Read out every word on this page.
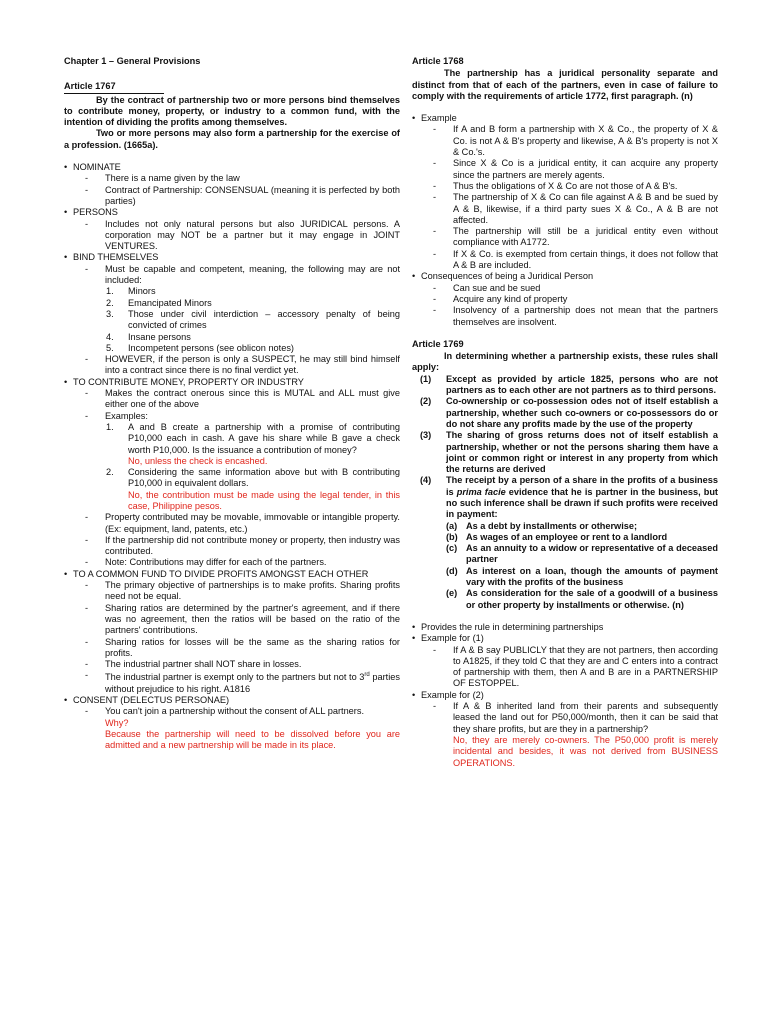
Chapter 1 – General Provisions

Article 1767

By the contract of partnership two or more persons bind themselves to contribute money, property, or industry to a common fund, with the intention of dividing the profits among themselves.

Two or more persons may also form a partnership for the exercise of a profession. (1665a).

• NOMINATE
- There is a name given by the law
- Contract of Partnership: CONSENSUAL (meaning it is perfected by both parties)
• PERSONS
- Includes not only natural persons but also JURIDICAL persons. A corporation may NOT be a partner but it may engage in JOINT VENTURES.
• BIND THEMSELVES
- Must be capable and competent, meaning, the following may are not included:
1. Minors
2. Emancipated Minors
3. Those under civil interdiction – accessory penalty of being convicted of crimes
4. Insane persons
5. Incompetent persons (see oblicon notes)
- HOWEVER, if the person is only a SUSPECT, he may still bind himself into a contract since there is no final verdict yet.
• TO CONTRIBUTE MONEY, PROPERTY OR INDUSTRY
- Makes the contract onerous since this is MUTAL and ALL must give either one of the above
- Examples:
1. A and B create a partnership with a promise of contributing P10,000 each in cash. A gave his share while B gave a check worth P10,000. Is the issuance a contribution of money?
No, unless the check is encashed.
2. Considering the same information above but with B contributing P10,000 in equivalent dollars.
No, the contribution must be made using the legal tender, in this case, Philippine pesos.
- Property contributed may be movable, immovable or intangible property. (Ex: equipment, land, patents, etc.)
- If the partnership did not contribute money or property, then industry was contributed.
- Note: Contributions may differ for each of the partners.
• TO A COMMON FUND TO DIVIDE PROFITS AMONGST EACH OTHER
- The primary objective of partnerships is to make profits. Sharing profits need not be equal.
- Sharing ratios are determined by the partner's agreement, and if there was no agreement, then the ratios will be based on the ratio of the partners' contributions.
- Sharing ratios for losses will be the same as the sharing ratios for profits.
- The industrial partner shall NOT share in losses.
- The industrial partner is exempt only to the partners but not to 3rd parties without prejudice to his right. A1816
• CONSENT (DELECTUS PERSONAE)
- You can't join a partnership without the consent of ALL partners.
Why?
Because the partnership will need to be dissolved before you are admitted and a new partnership will be made in its place.
Article 1768

The partnership has a juridical personality separate and distinct from that of each of the partners, even in case of failure to comply with the requirements of article 1772, first paragraph. (n)

• Example
- If A and B form a partnership with X & Co., the property of X & Co. is not A & B's property and likewise, A & B's property is not X & Co.'s.
- Since X & Co is a juridical entity, it can acquire any property since the partners are merely agents.
- Thus the obligations of X & Co are not those of A & B's.
- The partnership of X & Co can file against A & B and be sued by A & B, likewise, if a third party sues X & Co., A & B are not affected.
- The partnership will still be a juridical entity even without compliance with A1772.
- If X & Co. is exempted from certain things, it does not follow that A & B are included.
• Consequences of being a Juridical Person
- Can sue and be sued
- Acquire any kind of property
- Insolvency of a partnership does not mean that the partners themselves are insolvent.
Article 1769

In determining whether a partnership exists, these rules shall apply:

(1) Except as provided by article 1825, persons who are not partners as to each other are not partners as to third persons.
(2) Co-ownership or co-possession odes not of itself establish a partnership, whether such co-owners or co-possessors do or do not share any profits made by the use of the property
(3) The sharing of gross returns does not of itself establish a partnership, whether or not the persons sharing them have a joint or common right or interest in any property from which the returns are derived
(4) The receipt by a person of a share in the profits of a business is prima facie evidence that he is partner in the business, but no such inference shall be drawn if such profits were received in payment:
(a) As a debt by installments or otherwise;
(b) As wages of an employee or rent to a landlord
(c) As an annuity to a widow or representative of a deceased partner
(d) As interest on a loan, though the amounts of payment vary with the profits of the business
(e) As consideration for the sale of a goodwill of a business or other property by installments or otherwise. (n)
• Provides the rule in determining partnerships
• Example for (1)
- If A & B say PUBLICLY that they are not partners, then according to A1825, if they told C that they are and C enters into a contract of partnership with them, then A and B are in a PARTNERSHIP OF ESTOPPEL.
• Example for (2)
- If A & B inherited land from their parents and subsequently leased the land out for P50,000/month, then it can be said that they share profits, but are they in a partnership?
No, they are merely co-owners. The P50,000 profit is merely incidental and besides, it was not derived from BUSINESS OPERATIONS.
